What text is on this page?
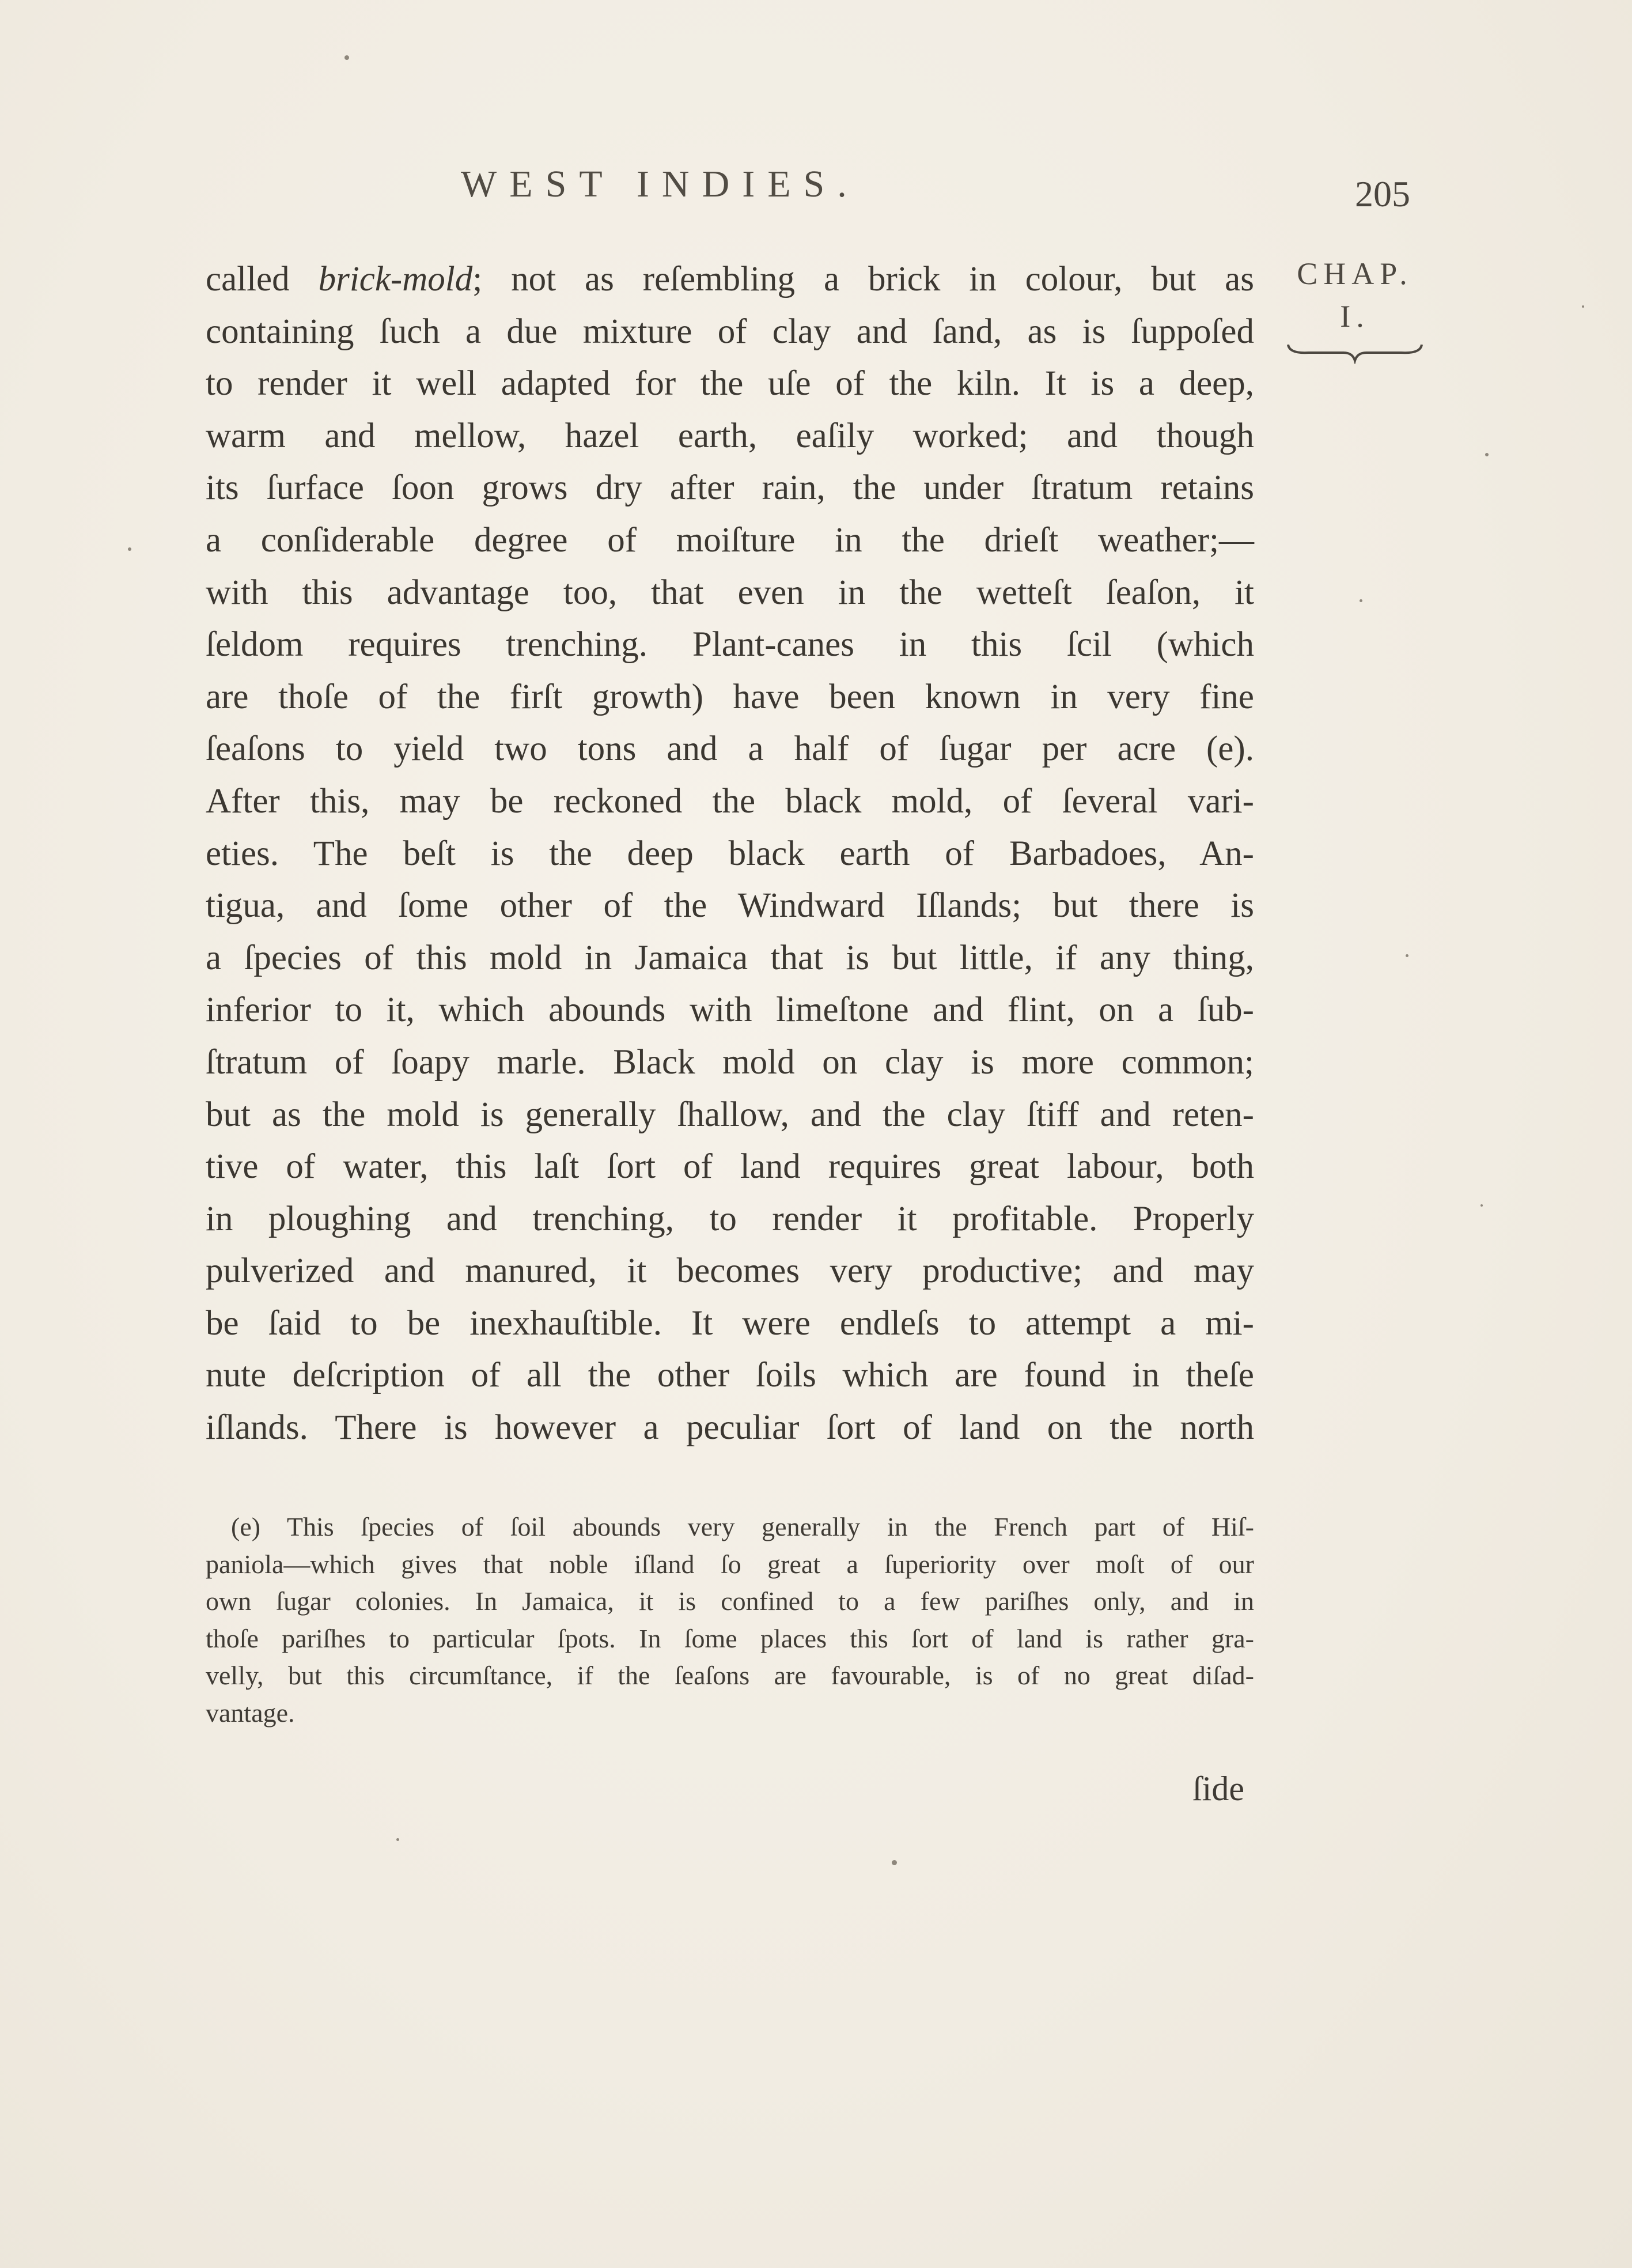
WEST INDIES.	205
CHAP.
I.
called brick-mold; not as reſembling a brick in colour, but as
containing ſuch a due mixture of clay and ſand, as is ſuppoſed
to render it well adapted for the uſe of the kiln. It is a deep,
warm and mellow, hazel earth, eaſily worked; and though
its ſurface ſoon grows dry after rain, the under ſtratum retains
a conſiderable degree of moiſture in the drieſt weather;—
with this advantage too, that even in the wetteſt ſeaſon, it
ſeldom requires trenching. Plant-canes in this ſcil (which
are thoſe of the firſt growth) have been known in very fine
ſeaſons to yield two tons and a half of ſugar per acre (e).
After this, may be reckoned the black mold, of ſeveral vari-
eties. The beſt is the deep black earth of Barbadoes, An-
tigua, and ſome other of the Windward Iſlands; but there is
a ſpecies of this mold in Jamaica that is but little, if any thing,
inferior to it, which abounds with limeſtone and flint, on a ſub-
ſtratum of ſoapy marle. Black mold on clay is more common;
but as the mold is generally ſhallow, and the clay ſtiff and reten-
tive of water, this laſt ſort of land requires great labour, both
in ploughing and trenching, to render it profitable. Properly
pulverized and manured, it becomes very productive; and may
be ſaid to be inexhauſtible. It were endleſs to attempt a mi-
nute deſcription of all the other ſoils which are found in theſe
iſlands. There is however a peculiar ſort of land on the north
(e) This ſpecies of ſoil abounds very generally in the French part of Hiſ-
paniola—which gives that noble iſland ſo great a ſuperiority over moſt of our
own ſugar colonies. In Jamaica, it is confined to a few pariſhes only, and in
thoſe pariſhes to particular ſpots. In ſome places this ſort of land is rather gra-
velly, but this circumſtance, if the ſeaſons are favourable, is of no great diſad-
vantage.
ſide
